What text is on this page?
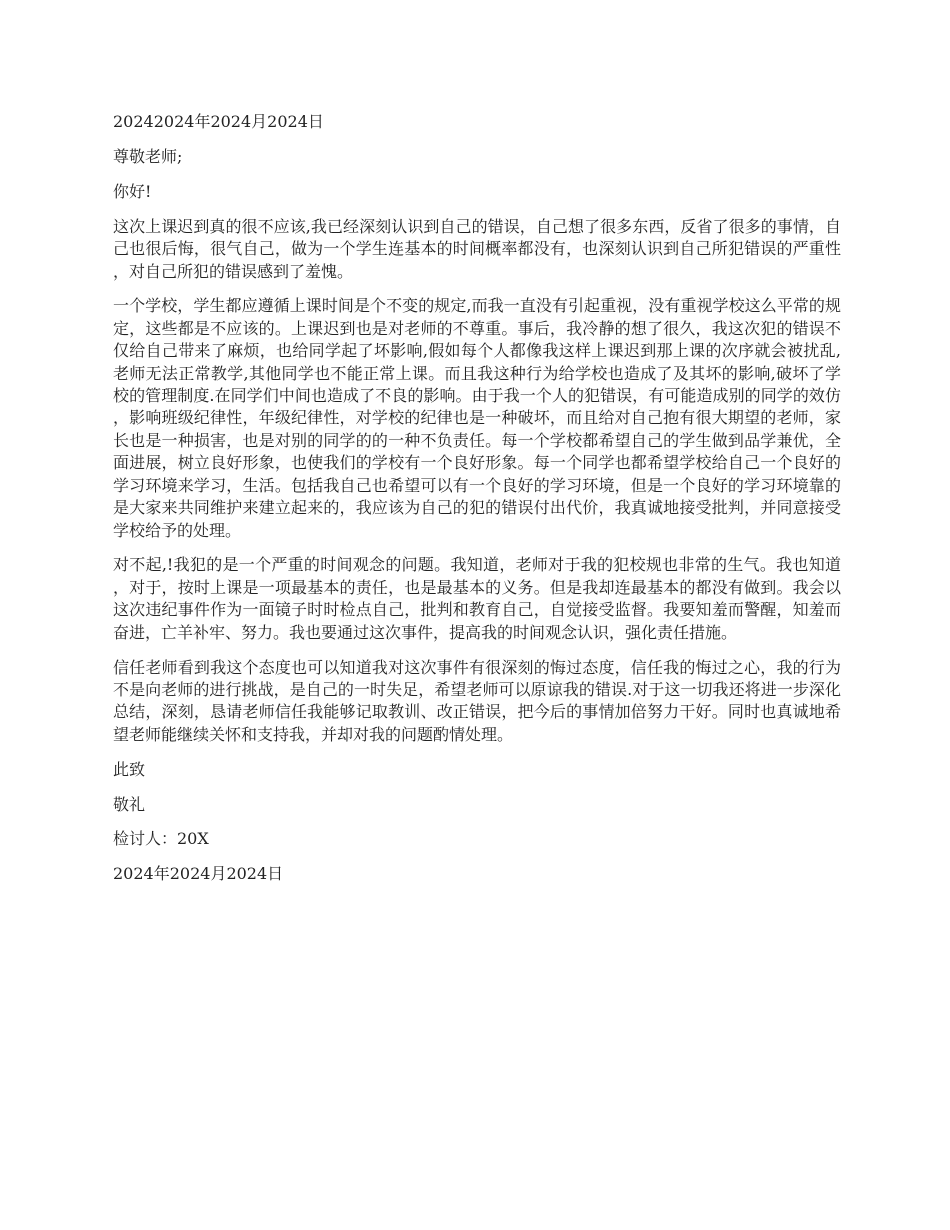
20242024年2024月2024日

尊敬老师;

你好!

这次上课迟到真的很不应该,我已经深刻认识到自己的错误，自己想了很多东西，反省了很多的事情，自己也很后悔，很气自己，做为一个学生连基本的时间概率都没有，也深刻认识到自己所犯错误的严重性，对自己所犯的错误感到了羞愧。

一个学校，学生都应遵循上课时间是个不变的规定,而我一直没有引起重视，没有重视学校这么平常的规定，这些都是不应该的。上课迟到也是对老师的不尊重。事后，我冷静的想了很久，我这次犯的错误不仅给自己带来了麻烦，也给同学起了坏影响,假如每个人都像我这样上课迟到那上课的次序就会被扰乱,老师无法正常教学,其他同学也不能正常上课。而且我这种行为给学校也造成了及其坏的影响,破坏了学校的管理制度.在同学们中间也造成了不良的影响。由于我一个人的犯错误，有可能造成别的同学的效仿，影响班级纪律性，年级纪律性，对学校的纪律也是一种破坏，而且给对自己抱有很大期望的老师，家长也是一种损害，也是对别的同学的的一种不负责任。每一个学校都希望自己的学生做到品学兼优，全面进展，树立良好形象，也使我们的学校有一个良好形象。每一个同学也都希望学校给自己一个良好的学习环境来学习，生活。包括我自己也希望可以有一个良好的学习环境，但是一个良好的学习环境靠的是大家来共同维护来建立起来的，我应该为自己的犯的错误付出代价，我真诚地接受批判，并同意接受学校给予的处理。

对不起,!我犯的是一个严重的时间观念的问题。我知道，老师对于我的犯校规也非常的生气。我也知道，对于，按时上课是一项最基本的责任，也是最基本的义务。但是我却连最基本的都没有做到。我会以这次违纪事件作为一面镜子时时检点自己，批判和教育自己，自觉接受监督。我要知羞而警醒，知羞而奋进，亡羊补牢、努力。我也要通过这次事件，提高我的时间观念认识，强化责任措施。

信任老师看到我这个态度也可以知道我对这次事件有很深刻的悔过态度，信任我的悔过之心，我的行为不是向老师的进行挑战，是自己的一时失足，希望老师可以原谅我的错误.对于这一切我还将进一步深化总结，深刻，恳请老师信任我能够记取教训、改正错误，把今后的事情加倍努力干好。同时也真诚地希望老师能继续关怀和支持我，并却对我的问题酌情处理。

此致

敬礼

检讨人：20X

2024年2024月2024日
